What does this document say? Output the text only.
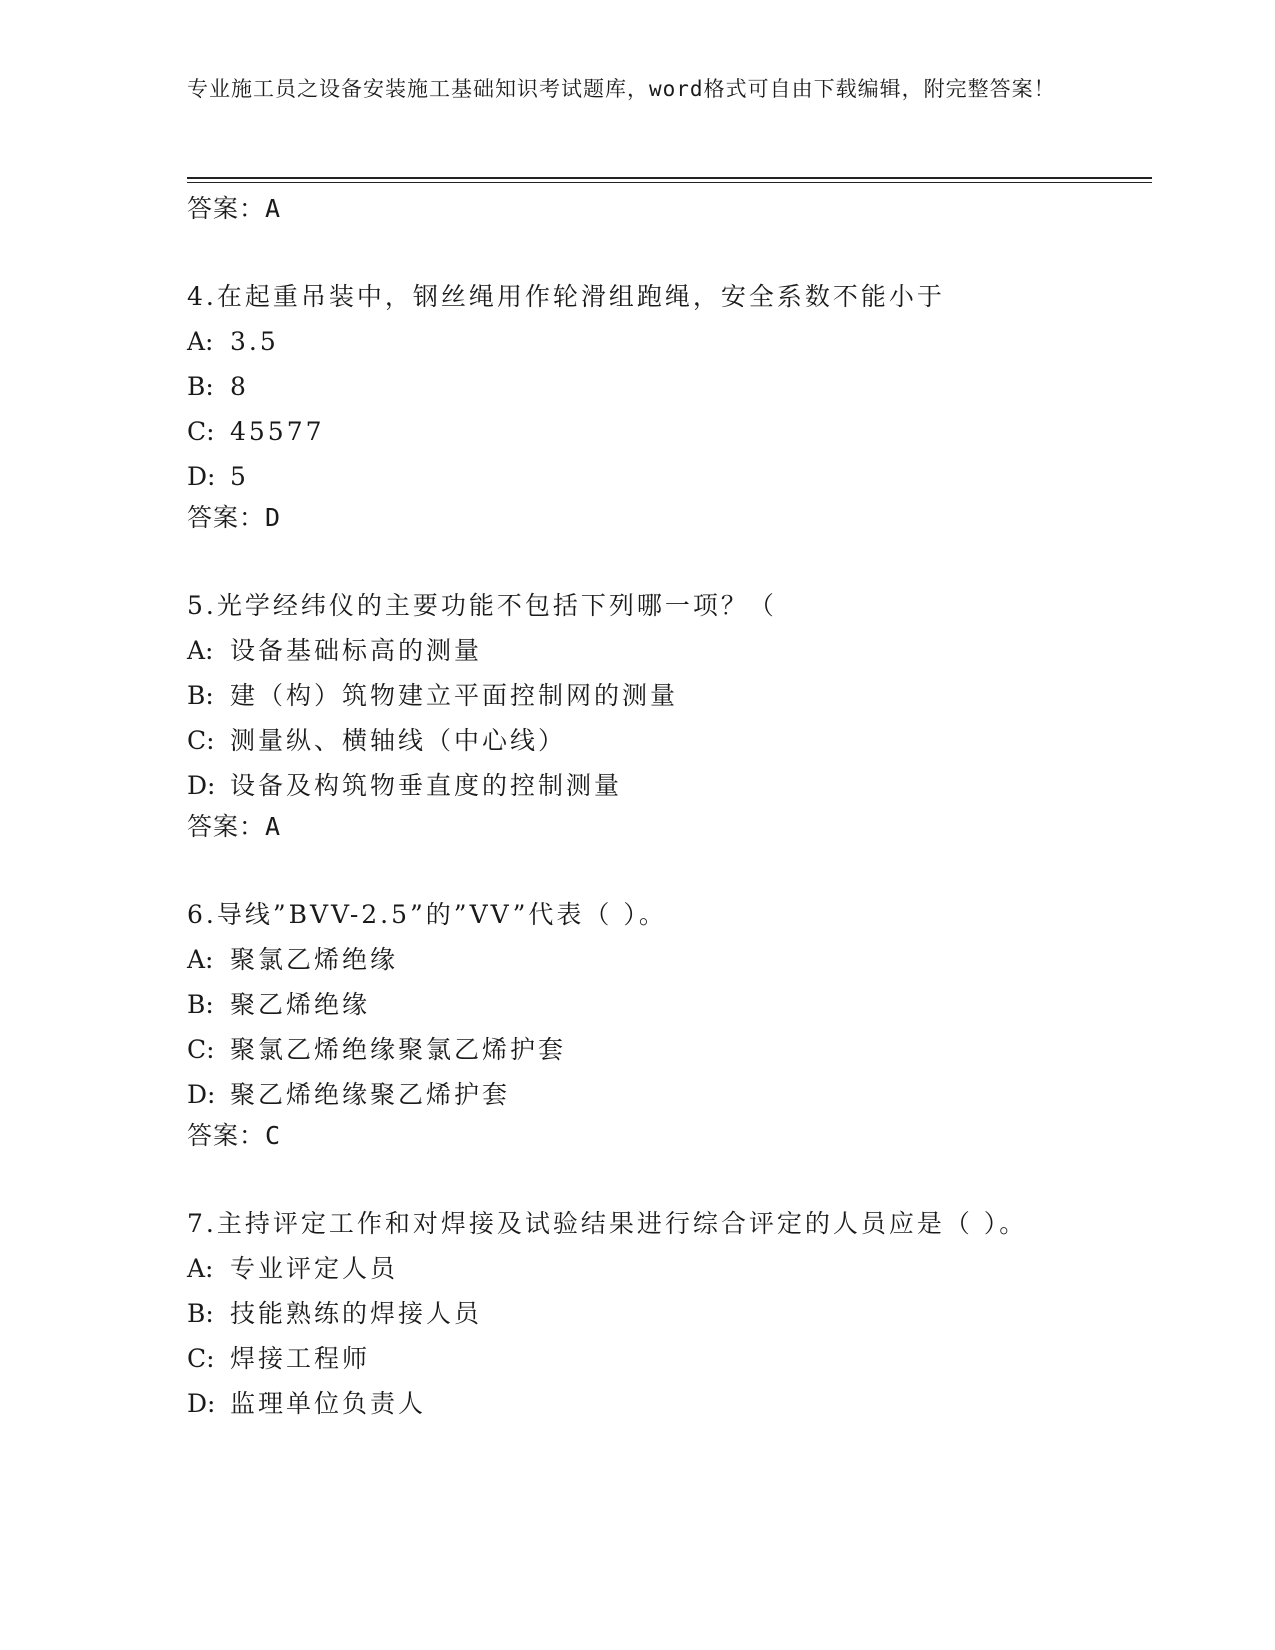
专业施工员之设备安装施工基础知识考试题库，word格式可自由下载编辑，附完整答案！

答案：A

4.在起重吊装中，钢丝绳用作轮滑组跑绳，安全系数不能小于

A: 3.5

B: 8

C: 45577

D: 5

答案：D

5.光学经纬仪的主要功能不包括下列哪一项？（

A: 设备基础标高的测量

B: 建（构）筑物建立平面控制网的测量

C: 测量纵、横轴线（中心线）

D: 设备及构筑物垂直度的控制测量

答案：A

6.导线”BVV-2.5”的”VV”代表（ ）。

A: 聚氯乙烯绝缘

B: 聚乙烯绝缘

C: 聚氯乙烯绝缘聚氯乙烯护套

D: 聚乙烯绝缘聚乙烯护套

答案：C

7.主持评定工作和对焊接及试验结果进行综合评定的人员应是（ ）。

A: 专业评定人员

B: 技能熟练的焊接人员

C: 焊接工程师

D: 监理单位负责人
